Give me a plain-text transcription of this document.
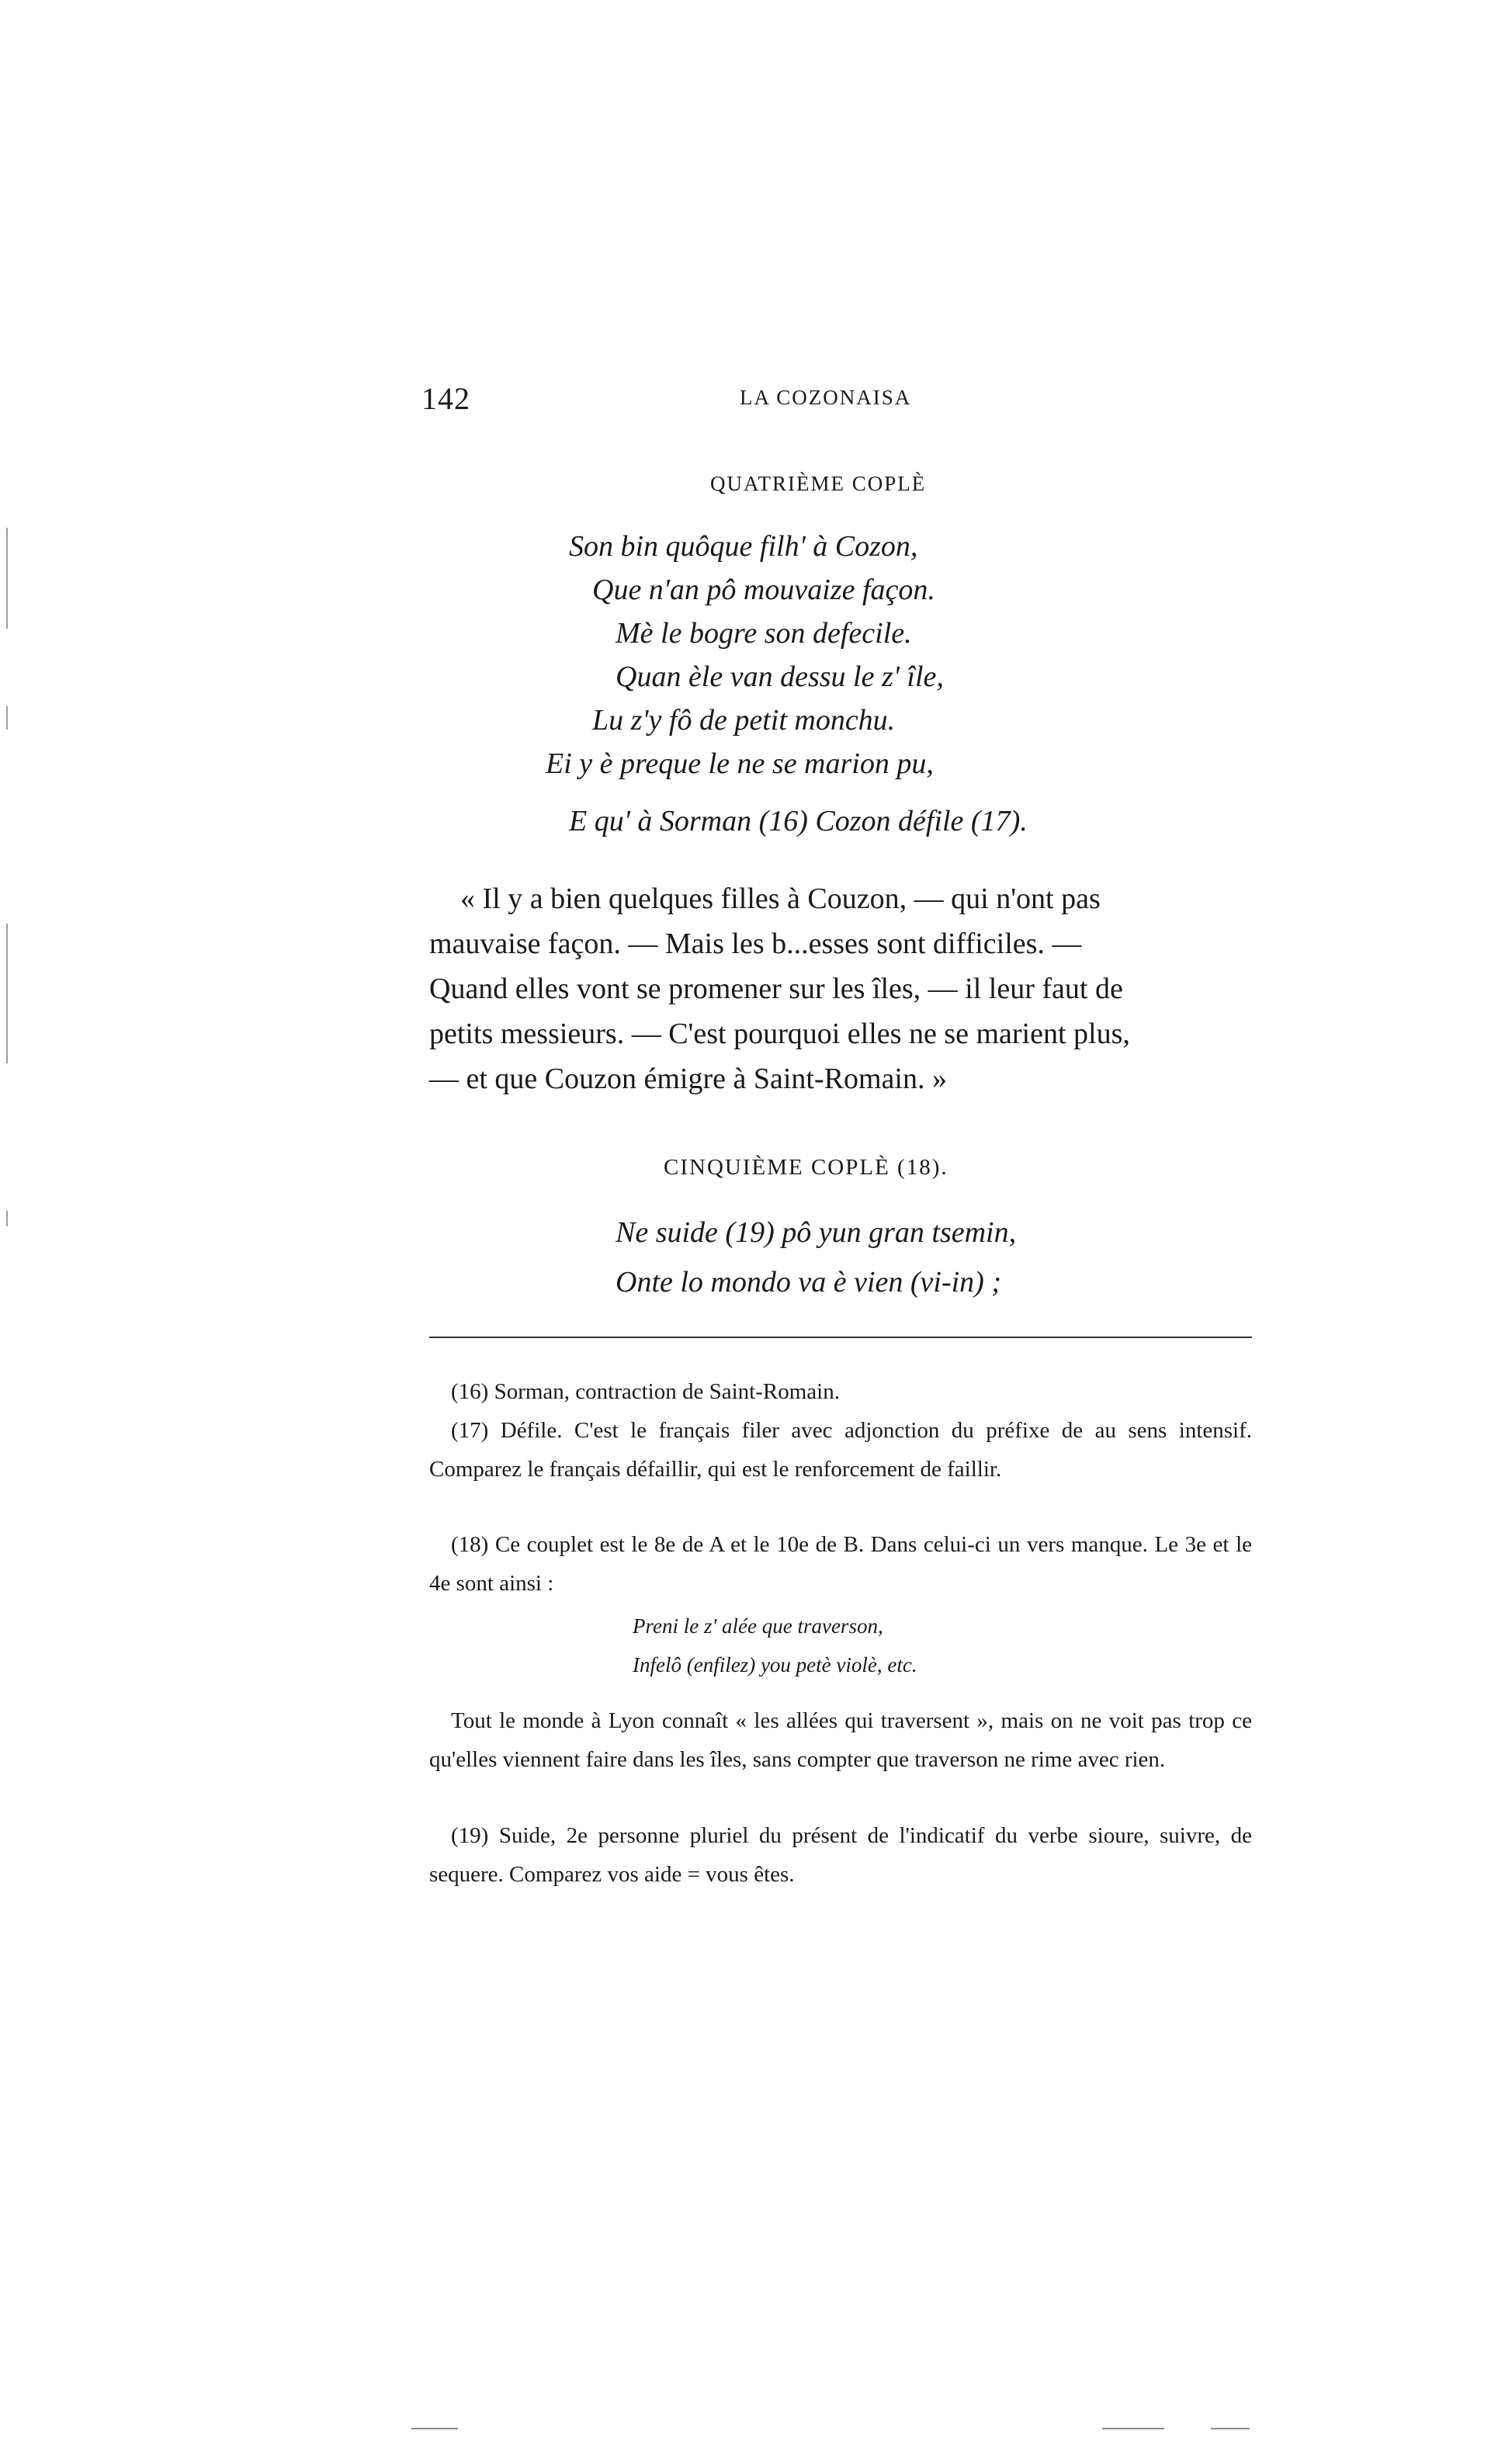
142	LA COZONAISA
QUATRIÈME COPLÈ
Son bin quôque filh' à Cozon,
Que n'an pô mouvaize façon.
Mè le bogre son defecile.
Quan èle van dessu le z' île,
Lu z'y fô de petit monchu.
Ei y è preque le ne se marion pu,
E qu' à Sorman (16) Cozon défile (17).
« Il y a bien quelques filles à Couzon, — qui n'ont pas
mauvaise façon. — Mais les b...esses sont difficiles. —
Quand elles vont se promener sur les îles, — il leur faut de
petits messieurs. — C'est pourquoi elles ne se marient plus,
— et que Couzon émigre à Saint-Romain. »
CINQUIÈME COPLÈ (18).
Ne suide (19) pô yun gran tsemin,
Onte lo mondo va è vien (vi-in) ;
(16) Sorman, contraction de Saint-Romain.
(17) Défile. C'est le français filer avec adjonction du préfixe de au sens intensif. Comparez le français défaillir, qui est le renforcement de faillir.
(18) Ce couplet est le 8e de A et le 10e de B. Dans celui-ci un vers manque. Le 3e et le 4e sont ainsi :
Preni le z' alée que traverson,
Infelô (enfilez) you petè violè, etc.
Tout le monde à Lyon connaît « les allées qui traversent », mais on ne voit pas trop ce qu'elles viennent faire dans les îles, sans compter que traverson ne rime avec rien.
(19) Suide, 2e personne pluriel du présent de l'indicatif du verbe sioure, suivre, de sequere. Comparez vos aide = vous êtes.
